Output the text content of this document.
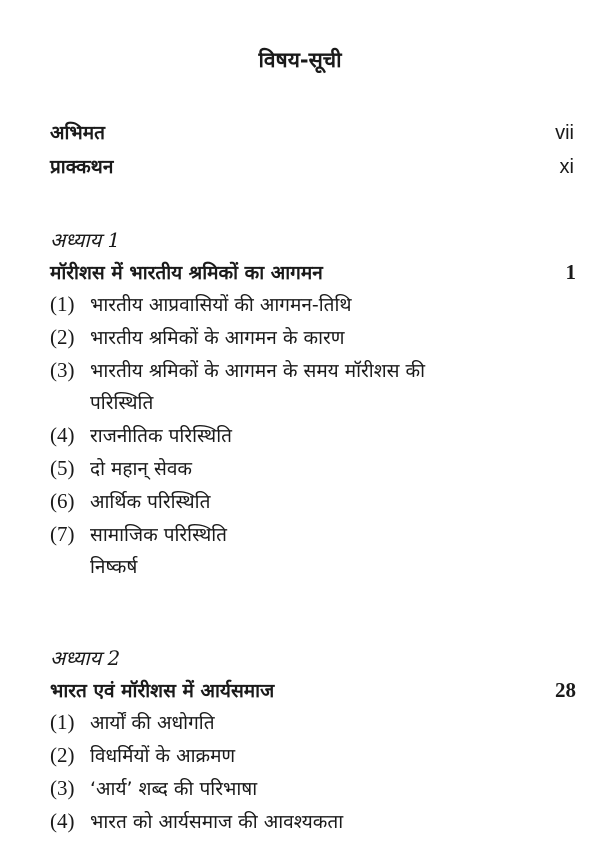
विषय-सूची
अभिमत	vii
प्राक्कथन	xi
अध्याय 1
मॉरीशस में भारतीय श्रमिकों का आगमन	1
(1) भारतीय आप्रवासियों की आगमन-तिथि
(2) भारतीय श्रमिकों के आगमन के कारण
(3) भारतीय श्रमिकों के आगमन के समय मॉरीशस की
परिस्थिति
(4) राजनीतिक परिस्थिति
(5) दो महान् सेवक
(6) आर्थिक परिस्थिति
(7) सामाजिक परिस्थिति
निष्कर्ष
अध्याय 2
भारत एवं मॉरीशस में आर्यसमाज	28
(1) आर्यों की अधोगति
(2) विधर्मियों के आक्रमण
(3) ‘आर्य’ शब्द की परिभाषा
(4) भारत को आर्यसमाज की आवश्यकता
